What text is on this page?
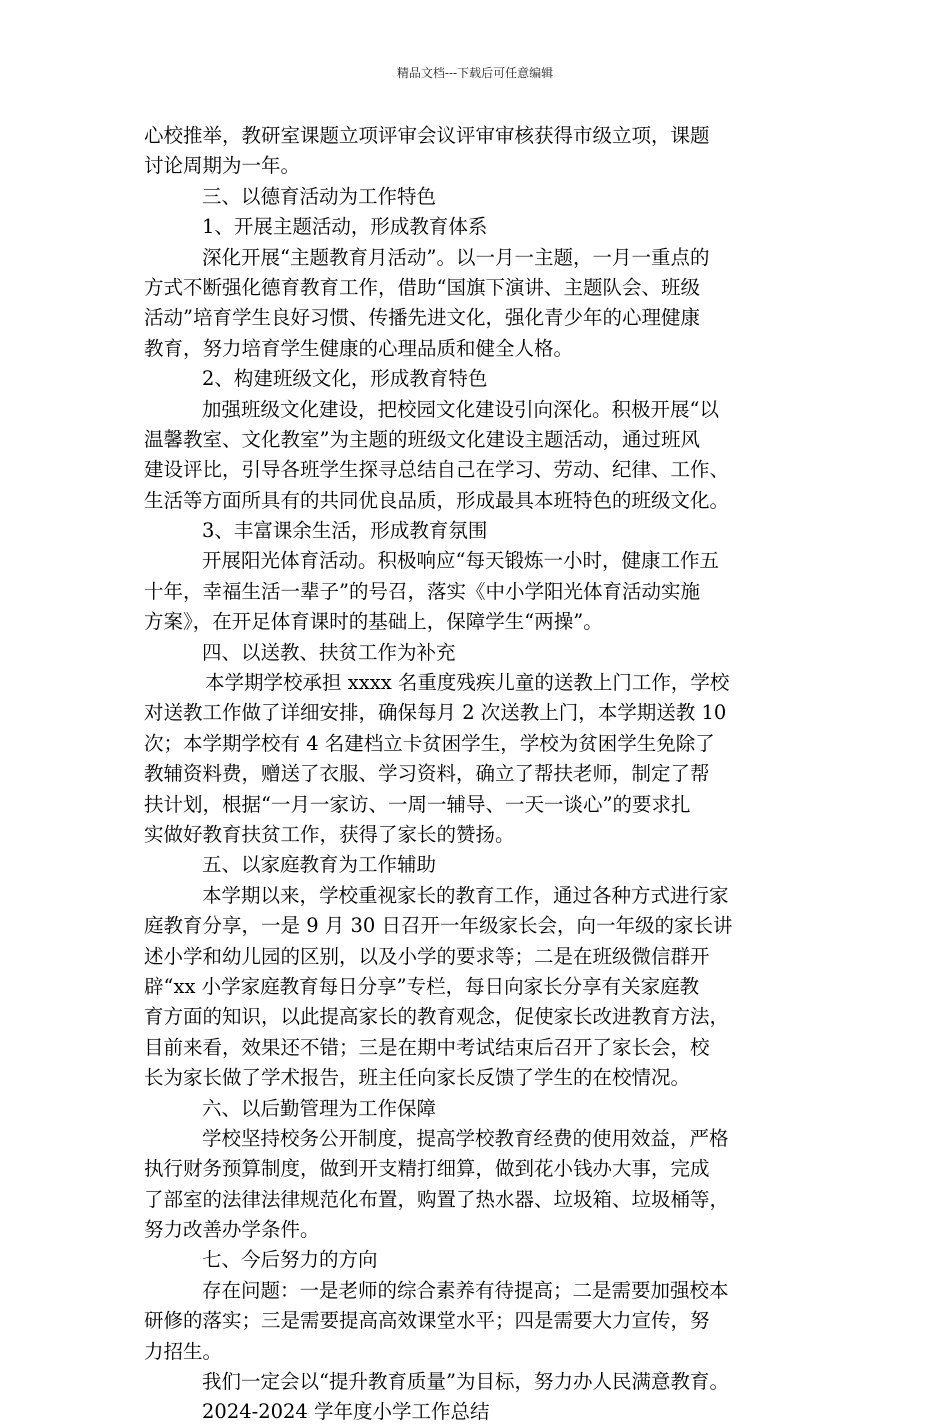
精品文档---下载后可任意编辑
心校推举，教研室课题立项评审会议评审审核获得市级立项，课题
讨论周期为一年。
三、以德育活动为工作特色
1、开展主题活动，形成教育体系
深化开展“主题教育月活动”。以一月一主题，一月一重点的
方式不断强化德育教育工作，借助“国旗下演讲、主题队会、班级
活动”培育学生良好习惯、传播先进文化，强化青少年的心理健康
教育，努力培育学生健康的心理品质和健全人格。
2、构建班级文化，形成教育特色
加强班级文化建设，把校园文化建设引向深化。积极开展“以
温馨教室、文化教室”为主题的班级文化建设主题活动，通过班风
建设评比，引导各班学生探寻总结自己在学习、劳动、纪律、工作、
生活等方面所具有的共同优良品质，形成最具本班特色的班级文化。
3、丰富课余生活，形成教育氛围
开展阳光体育活动。积极响应“每天锻炼一小时，健康工作五
十年，幸福生活一辈子”的号召，落实《中小学阳光体育活动实施
方案》，在开足体育课时的基础上，保障学生“两操”。
四、以送教、扶贫工作为补充
本学期学校承担 xxxx 名重度残疾儿童的送教上门工作，学校
对送教工作做了详细安排，确保每月 2 次送教上门，本学期送教 10
次；本学期学校有 4 名建档立卡贫困学生，学校为贫困学生免除了
教辅资料费，赠送了衣服、学习资料，确立了帮扶老师，制定了帮
扶计划，根据“一月一家访、一周一辅导、一天一谈心”的要求扎
实做好教育扶贫工作，获得了家长的赞扬。
五、以家庭教育为工作辅助
本学期以来，学校重视家长的教育工作，通过各种方式进行家
庭教育分享，一是 9 月 30 日召开一年级家长会，向一年级的家长讲
述小学和幼儿园的区别，以及小学的要求等；二是在班级微信群开
辟“xx 小学家庭教育每日分享”专栏，每日向家长分享有关家庭教
育方面的知识，以此提高家长的教育观念，促使家长改进教育方法，
目前来看，效果还不错；三是在期中考试结束后召开了家长会，校
长为家长做了学术报告，班主任向家长反馈了学生的在校情况。
六、以后勤管理为工作保障
学校坚持校务公开制度，提高学校教育经费的使用效益，严格
执行财务预算制度，做到开支精打细算，做到花小钱办大事，完成
了部室的法律法律规范化布置，购置了热水器、垃圾箱、垃圾桶等，
努力改善办学条件。
七、今后努力的方向
存在问题：一是老师的综合素养有待提高；二是需要加强校本
研修的落实；三是需要提高高效课堂水平；四是需要大力宣传，努
力招生。
我们一定会以“提升教育质量”为目标，努力办人民满意教育。
2024-2024 学年度小学工作总结
